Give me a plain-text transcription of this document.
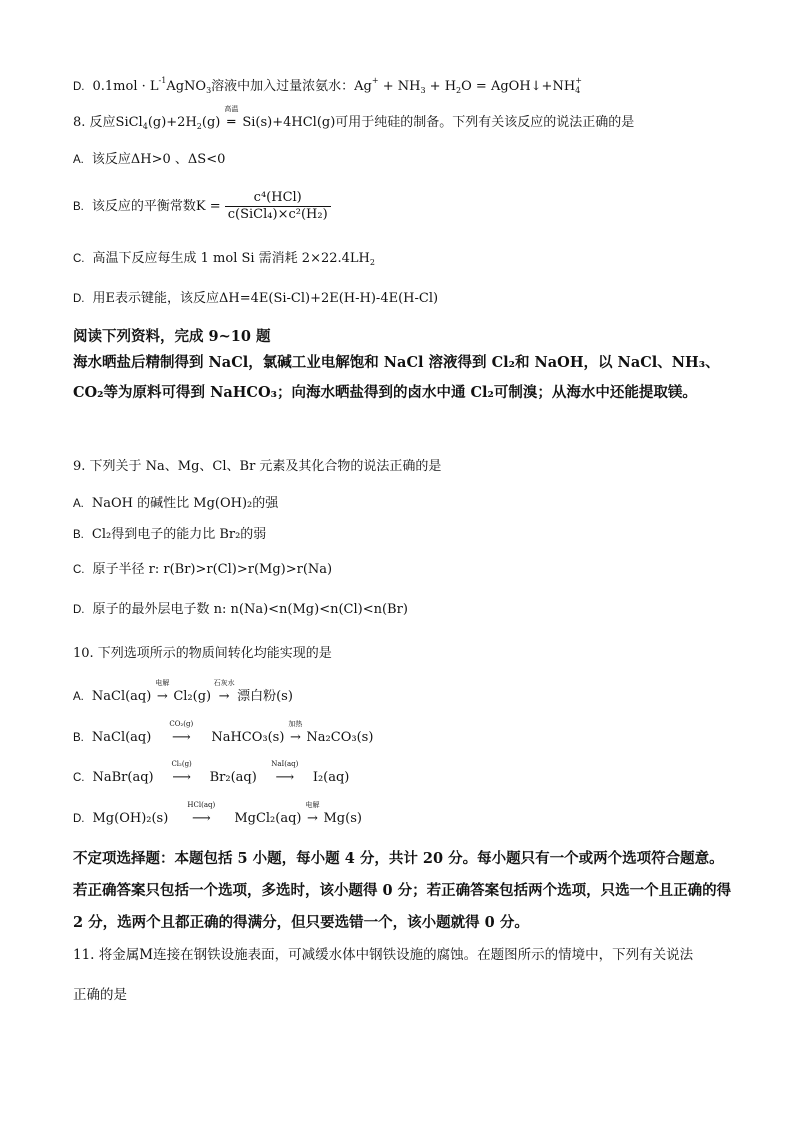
D. $0.1mol \cdot L^{-1}AgNO_3$溶液中加入过量浓氨水：$Ag^+ + NH_3 + H_2O$ = $AgOH↓+NH_4^+$
8. 反应$SiCl_4(g)+2H_2(g)$
高温
═ Si(s)+4HCl(g)可用于纯硅的制备。下列有关该反应的说法正确的是
A. 该反应ΔH>0 、ΔS<0
B. 该反应的平衡常数$K = \frac{\text{c⁴(HCl)}}{\text{c(SiCl₄)×c²(H₂)}}$
C. 高温下反应每生成 1 mol Si 需消耗 $2\times 22.4LH_2$
D. 用E表示键能，该反应ΔH=4E(Si-Cl)+2E(H-H)-4E(H-Cl)
阅读下列资料，完成 9~10 题
海水晒盐后精制得到 NaCl，氯碱工业电解饱和 NaCl 溶液得到 Cl₂和 NaOH，以 NaCl、NH₃、CO₂等为原料可得到 NaHCO₃；向海水晒盐得到的卤水中通 Cl₂可制溴；从海水中还能提取镁。
9. 下列关于 Na、Mg、Cl、Br 元素及其化合物的说法正确的是
A. NaOH 的碱性比 Mg(OH)₂的强
B. Cl₂得到电子的能力比 Br₂的弱
C. 原子半径 r: r(Br)>r(Cl)>r(Mg)>r(Na)
D. 原子的最外层电子数 n: n(Na)<n(Mg)<n(Cl)<n(Br)
10. 下列选项所示的物质间转化均能实现的是
A. NaCl(aq)
电解
→ Cl₂(g)
石灰水
→ 漂白粉(s)
B. NaCl(aq)
CO₂(g)
⟶ NaHCO₃(s)
加热
→ Na₂CO₃(s)
C. NaBr(aq)
Cl₂(g)
⟶ Br₂(aq)
NaI(aq)
⟶ I₂(aq)
D. Mg(OH)₂(s)
HCl(aq)
⟶ MgCl₂(aq)
电解
→ Mg(s)
不定项选择题：本题包括 5 小题，每小题 4 分，共计 20 分。每小题只有一个或两个选项符合题意。若正确答案只包括一个选项，多选时，该小题得 0 分；若正确答案包括两个选项，只选一个且正确的得 2 分，选两个且都正确的得满分，但只要选错一个，该小题就得 0 分。
11. 将金属M连接在钢铁设施表面，可减缓水体中钢铁设施的腐蚀。在题图所示的情境中，下列有关说法
正确的是
